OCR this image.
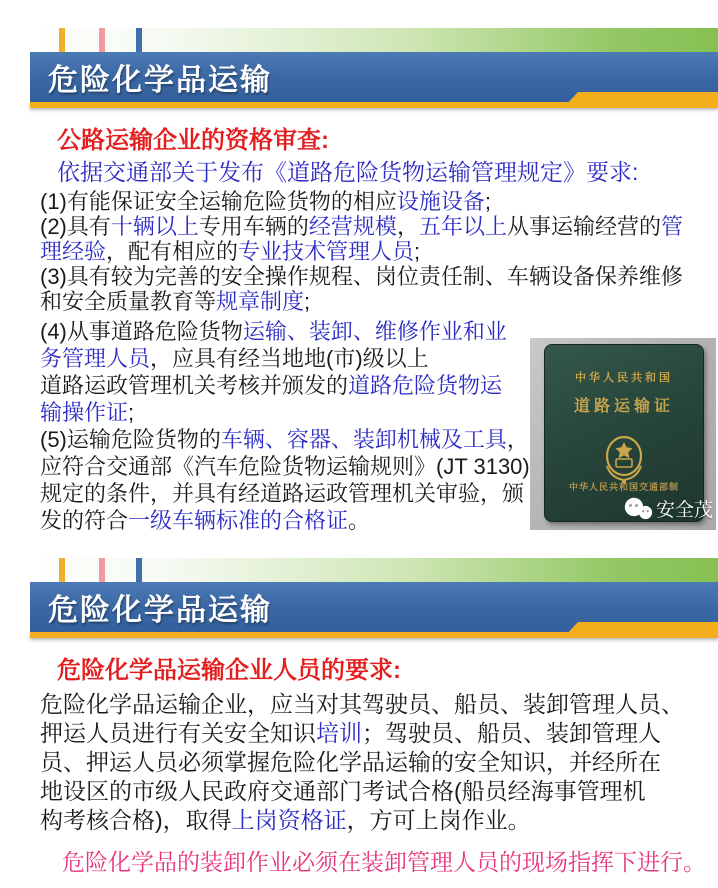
危险化学品运输
公路运输企业的资格审查:
依据交通部关于发布《道路危险货物运输管理规定》要求:
(1)有能保证安全运输危险货物的相应设施设备;
(2)具有十辆以上专用车辆的经营规模，五年以上从事运输经营的管
理经验，配有相应的专业技术管理人员;
(3)具有较为完善的安全操作规程、岗位责任制、车辆设备保养维修
和安全质量教育等规章制度;
(4)从事道路危险货物运输、装卸、维修作业和业
务管理人员，应具有经当地地(市)级以上
道路运政管理机关考核并颁发的道路危险货物运
输操作证;
(5)运输危险货物的车辆、容器、装卸机械及工具，
应符合交通部《汽车危险货物运输规则》(JT 3130)
规定的条件，并具有经道路运政管理机关审验，颁
发的符合一级车辆标准的合格证。
中华人民共和国
道路运输证
中华人民共和国交通部制
安全茂
危险化学品运输
危险化学品运输企业人员的要求:
危险化学品运输企业，应当对其驾驶员、船员、装卸管理人员、
押运人员进行有关安全知识培训；驾驶员、船员、装卸管理人
员、押运人员必须掌握危险化学品运输的安全知识，并经所在
地设区的市级人民政府交通部门考试合格(船员经海事管理机
构考核合格)，取得上岗资格证，方可上岗作业。
危险化学品的装卸作业必须在装卸管理人员的现场指挥下进行。
